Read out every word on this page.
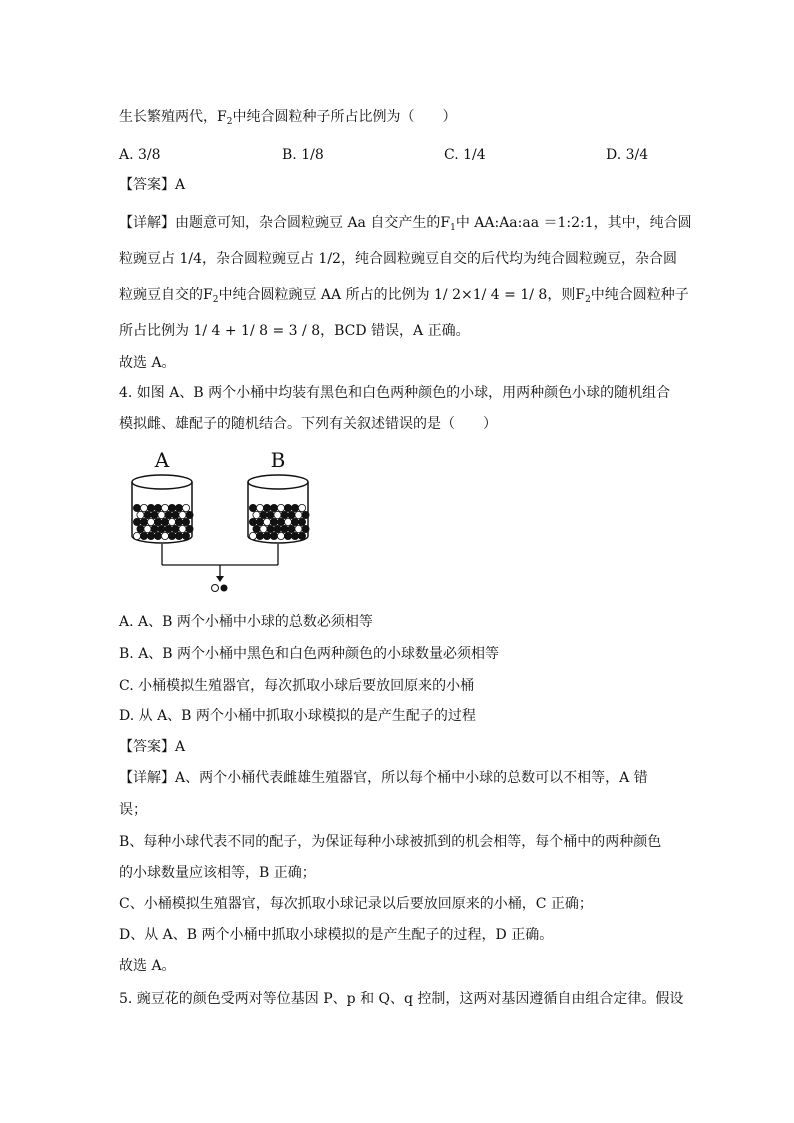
生长繁殖两代，$F_2$中纯合圆粒种子所占比例为（　　）
A. 3/8	B. 1/8	C. 1/4	D. 3/4
【答案】A
【详解】由题意可知，杂合圆粒豌豆 Aa 自交产生的$F_1$中 AA:Aa:aa ＝1:2:1，其中，纯合圆
粒豌豆占 1/4，杂合圆粒豌豆占 1/2，纯合圆粒豌豆自交的后代均为纯合圆粒豌豆，杂合圆
粒豌豆自交的$F_2$中纯合圆粒豌豆 AA 所占的比例为 1/ 2×1/ 4 = 1/ 8，则$F_2$中纯合圆粒种子
所占比例为 1/ 4 + 1/ 8 = 3 / 8，BCD 错误，A 正确。
故选 A。
4. 如图 A、B 两个小桶中均装有黑色和白色两种颜色的小球，用两种颜色小球的随机组合
模拟雌、雄配子的随机结合。下列有关叙述错误的是（　　）
A	B
A. A、B 两个小桶中小球的总数必须相等
B. A、B 两个小桶中黑色和白色两种颜色的小球数量必须相等
C. 小桶模拟生殖器官，每次抓取小球后要放回原来的小桶
D. 从 A、B 两个小桶中抓取小球模拟的是产生配子的过程
【答案】A
【详解】A、两个小桶代表雌雄生殖器官，所以每个桶中小球的总数可以不相等，A 错
误；
B、每种小球代表不同的配子，为保证每种小球被抓到的机会相等，每个桶中的两种颜色
的小球数量应该相等，B 正确；
C、小桶模拟生殖器官，每次抓取小球记录以后要放回原来的小桶，C 正确；
D、从 A、B 两个小桶中抓取小球模拟的是产生配子的过程，D 正确。
故选 A。
5. 豌豆花的颜色受两对等位基因 P、p 和 Q、q 控制，这两对基因遵循自由组合定律。假设
